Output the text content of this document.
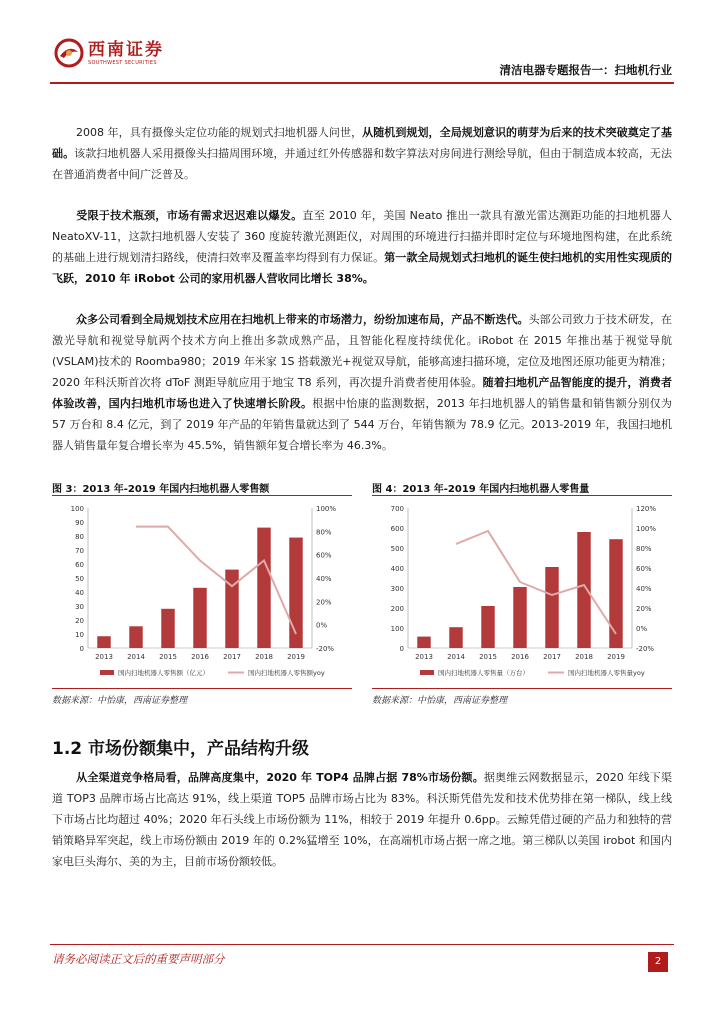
西南证券
SOUTHWEST SECURITIES
清洁电器专题报告一：扫地机行业
2008 年，具有摄像头定位功能的规划式扫地机器人问世，从随机到规划，全局规划意识的萌芽为后来的技术突破奠定了基础。该款扫地机器人采用摄像头扫描周围环境，并通过红外传感器和数字算法对房间进行测绘导航，但由于制造成本较高，无法在普通消费者中间广泛普及。
受限于技术瓶颈，市场有需求迟迟难以爆发。直至 2010 年，美国 Neato 推出一款具有激光雷达测距功能的扫地机器人 NeatoXV-11，这款扫地机器人安装了 360 度旋转激光测距仪，对周围的环境进行扫描并即时定位与环境地图构建，在此系统的基础上进行规划清扫路线，使清扫效率及覆盖率均得到有力保证。第一款全局规划式扫地机的诞生使扫地机的实用性实现质的飞跃，2010 年 iRobot 公司的家用机器人营收同比增长 38%。
众多公司看到全局规划技术应用在扫地机上带来的市场潜力，纷纷加速布局，产品不断迭代。头部公司致力于技术研发，在激光导航和视觉导航两个技术方向上推出多款成熟产品，且智能化程度持续优化。iRobot 在 2015 年推出基于视觉导航(VSLAM)技术的 Roomba980；2019 年米家 1S 搭载激光+视觉双导航，能够高速扫描环境，定位及地图还原功能更为精准；2020 年科沃斯首次将 dToF 测距导航应用于地宝 T8 系列，再次提升消费者使用体验。随着扫地机产品智能度的提升，消费者体验改善，国内扫地机市场也进入了快速增长阶段。根据中怡康的监测数据，2013 年扫地机器人的销售量和销售额分别仅为 57 万台和 8.4 亿元，到了 2019 年产品的年销售量就达到了 544 万台，年销售额为 78.9 亿元。2013-2019 年，我国扫地机器人销售量年复合增长率为 45.5%，销售额年复合增长率为 46.3%。
图 3：2013 年-2019 年国内扫地机器人零售额
0
10
20
30
40
50
60
70
80
90
100
-20%
0%
20%
40%
60%
80%
100%
2013 2014 2015 2016 2017 2018 2019
国内扫地机器人零售额（亿元）	国内扫地机器人零售额yoy
数据来源：中怡康，西南证券整理
图 4：2013 年-2019 年国内扫地机器人零售量
0
100
200
300
400
500
600
700
-20%
0%
20%
40%
60%
80%
100%
120%
2013 2014 2015 2016 2017 2018 2019
国内扫地机器人零售量（万台）	国内扫地机器人零售量yoy
数据来源：中怡康，西南证券整理
1.2 市场份额集中，产品结构升级
从全渠道竞争格局看，品牌高度集中，2020 年 TOP4 品牌占据 78%市场份额。据奥维云网数据显示，2020 年线下渠道 TOP3 品牌市场占比高达 91%，线上渠道 TOP5 品牌市场占比为 83%。科沃斯凭借先发和技术优势排在第一梯队，线上线下市场占比均超过 40%；2020 年石头线上市场份额为 11%，相较于 2019 年提升 0.6pp。云鲸凭借过硬的产品力和独特的营销策略异军突起，线上市场份额由 2019 年的 0.2%猛增至 10%，在高端机市场占据一席之地。第三梯队以美国 irobot 和国内家电巨头海尔、美的为主，目前市场份额较低。
请务必阅读正文后的重要声明部分	2
